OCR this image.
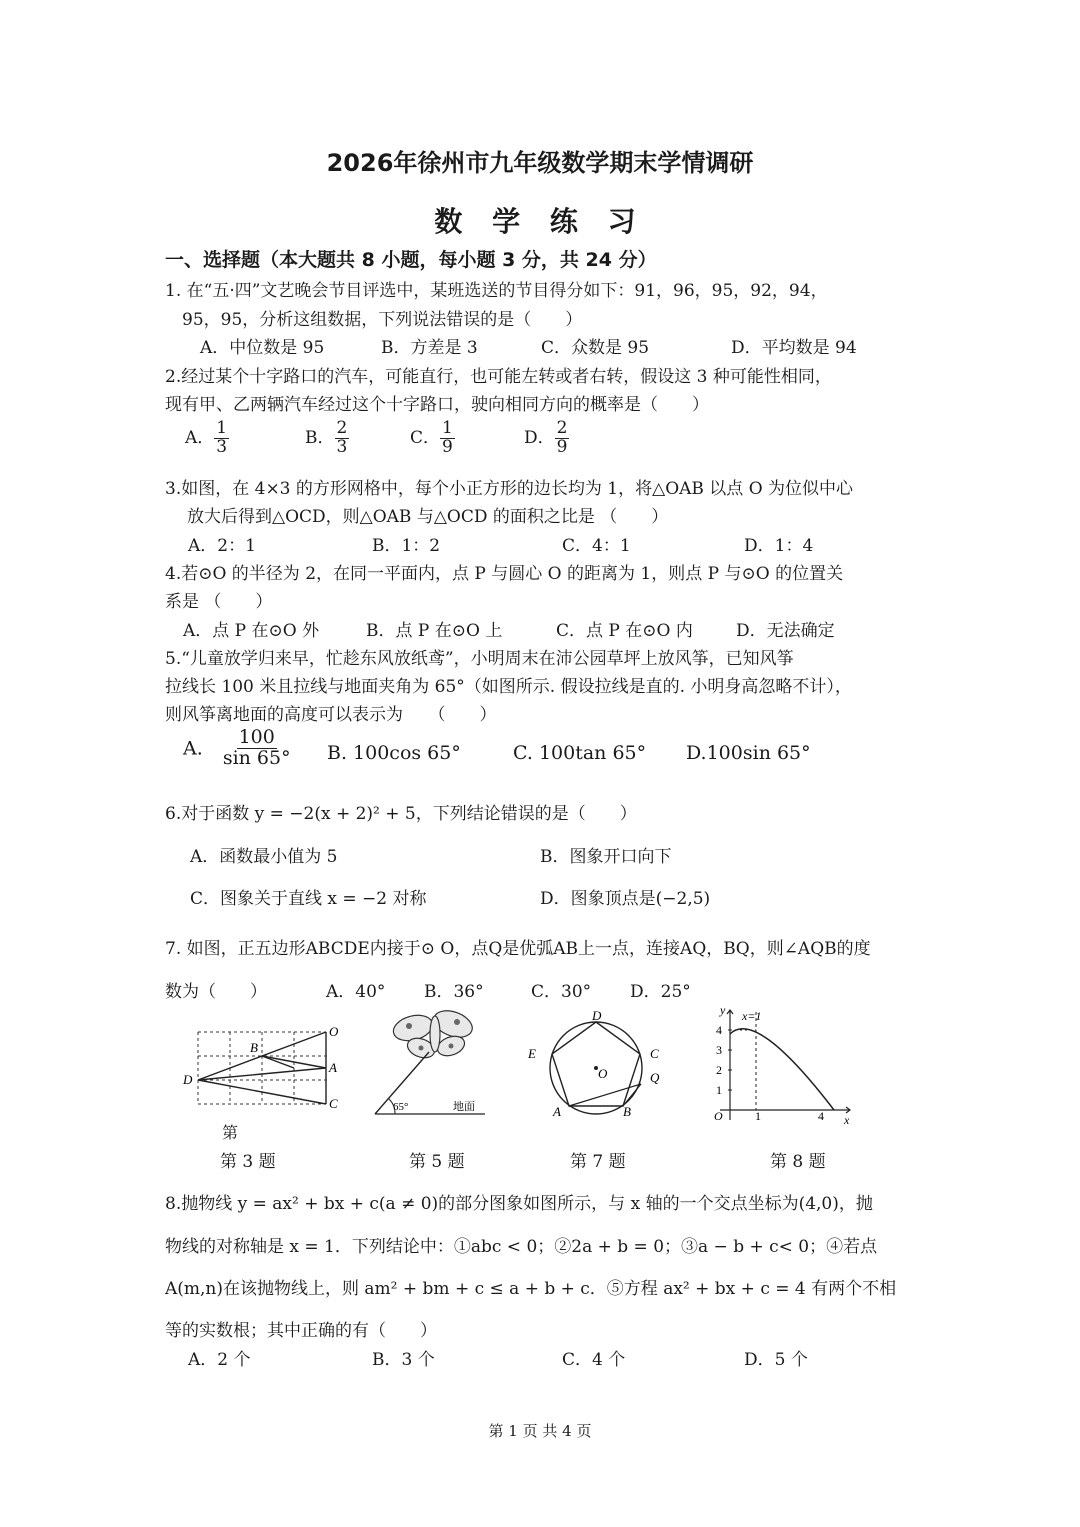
2026年徐州市九年级数学期末学情调研
数 学 练 习
一、选择题（本大题共 8 小题，每小题 3 分，共 24 分）
1. 在“五·四”文艺晚会节目评选中，某班选送的节目得分如下：91，96，95，92，94，
95，95，分析这组数据，下列说法错误的是（　　）
A．中位数是 95	B．方差是 3	C．众数是 95	D．平均数是 94
2.经过某个十字路口的汽车，可能直行，也可能左转或者右转，假设这 3 种可能性相同，
现有甲、乙两辆汽车经过这个十字路口，驶向相同方向的概率是（　　）
A． $\frac{1}{3}$	B． $\frac{2}{3}$	C． $\frac{1}{9}$	D． $\frac{2}{9}$
3.如图，在 4×3 的方形网格中，每个小正方形的边长均为 1，将△OAB 以点 O 为位似中心
放大后得到△OCD，则△OAB 与△OCD 的面积之比是 （　　）
A．2：1	B．1：2	C．4：1	D．1：4
4.若⊙O 的半径为 2，在同一平面内，点 P 与圆心 O 的距离为 1，则点 P 与⊙O 的位置关
系是 （　　）
A．点 P 在⊙O 外	B．点 P 在⊙O 上	C．点 P 在⊙O 内	D．无法确定
5.“儿童放学归来早，忙趁东风放纸鸢”，小明周末在沛公园草坪上放风筝，已知风筝
拉线长 100 米且拉线与地面夹角为 65°（如图所示. 假设拉线是直的. 小明身高忽略不计），
则风筝离地面的高度可以表示为　　（　　）
A. $\frac{100}{\sin 65^\circ} B$. 100cos 65°	C. 100tan 65° D.100sin 65°
6.对于函数 y = −2(x + 2)² + 5，下列结论错误的是（　　）
A．函数最小值为 5	B．图象开口向下
C．图象关于直线 x = −2 对称	D．图象顶点是(−2,5)
7. 如图，正五边形ABCDE内接于⊙ O，点Q是优弧AB上一点，连接AQ，BQ，则∠AQB的度
数为（　　）	A．40° B．36°	C．30° D．25°
O
B
A
D
C
第
65°	地面
D
E	C
O	Q
A	B
y x=1
4
3
2
1
O	1	4 x
第 3 题	第 5 题	第 7 题	第 8 题
8.抛物线 y = ax² + bx + c(a ≠ 0)的部分图象如图所示，与 x 轴的一个交点坐标为(4,0)，抛
物线的对称轴是 x = 1．下列结论中：①abc < 0；②2a + b = 0；③a − b + c< 0；④若点
A(m,n)在该抛物线上，则 am² + bm + c ≤ a + b + c．⑤方程 ax² + bx + c = 4 有两个不相
等的实数根；其中正确的有（　　）
A．2 个	B．3 个	C．4 个	D．5 个
第 1 页 共 4 页
